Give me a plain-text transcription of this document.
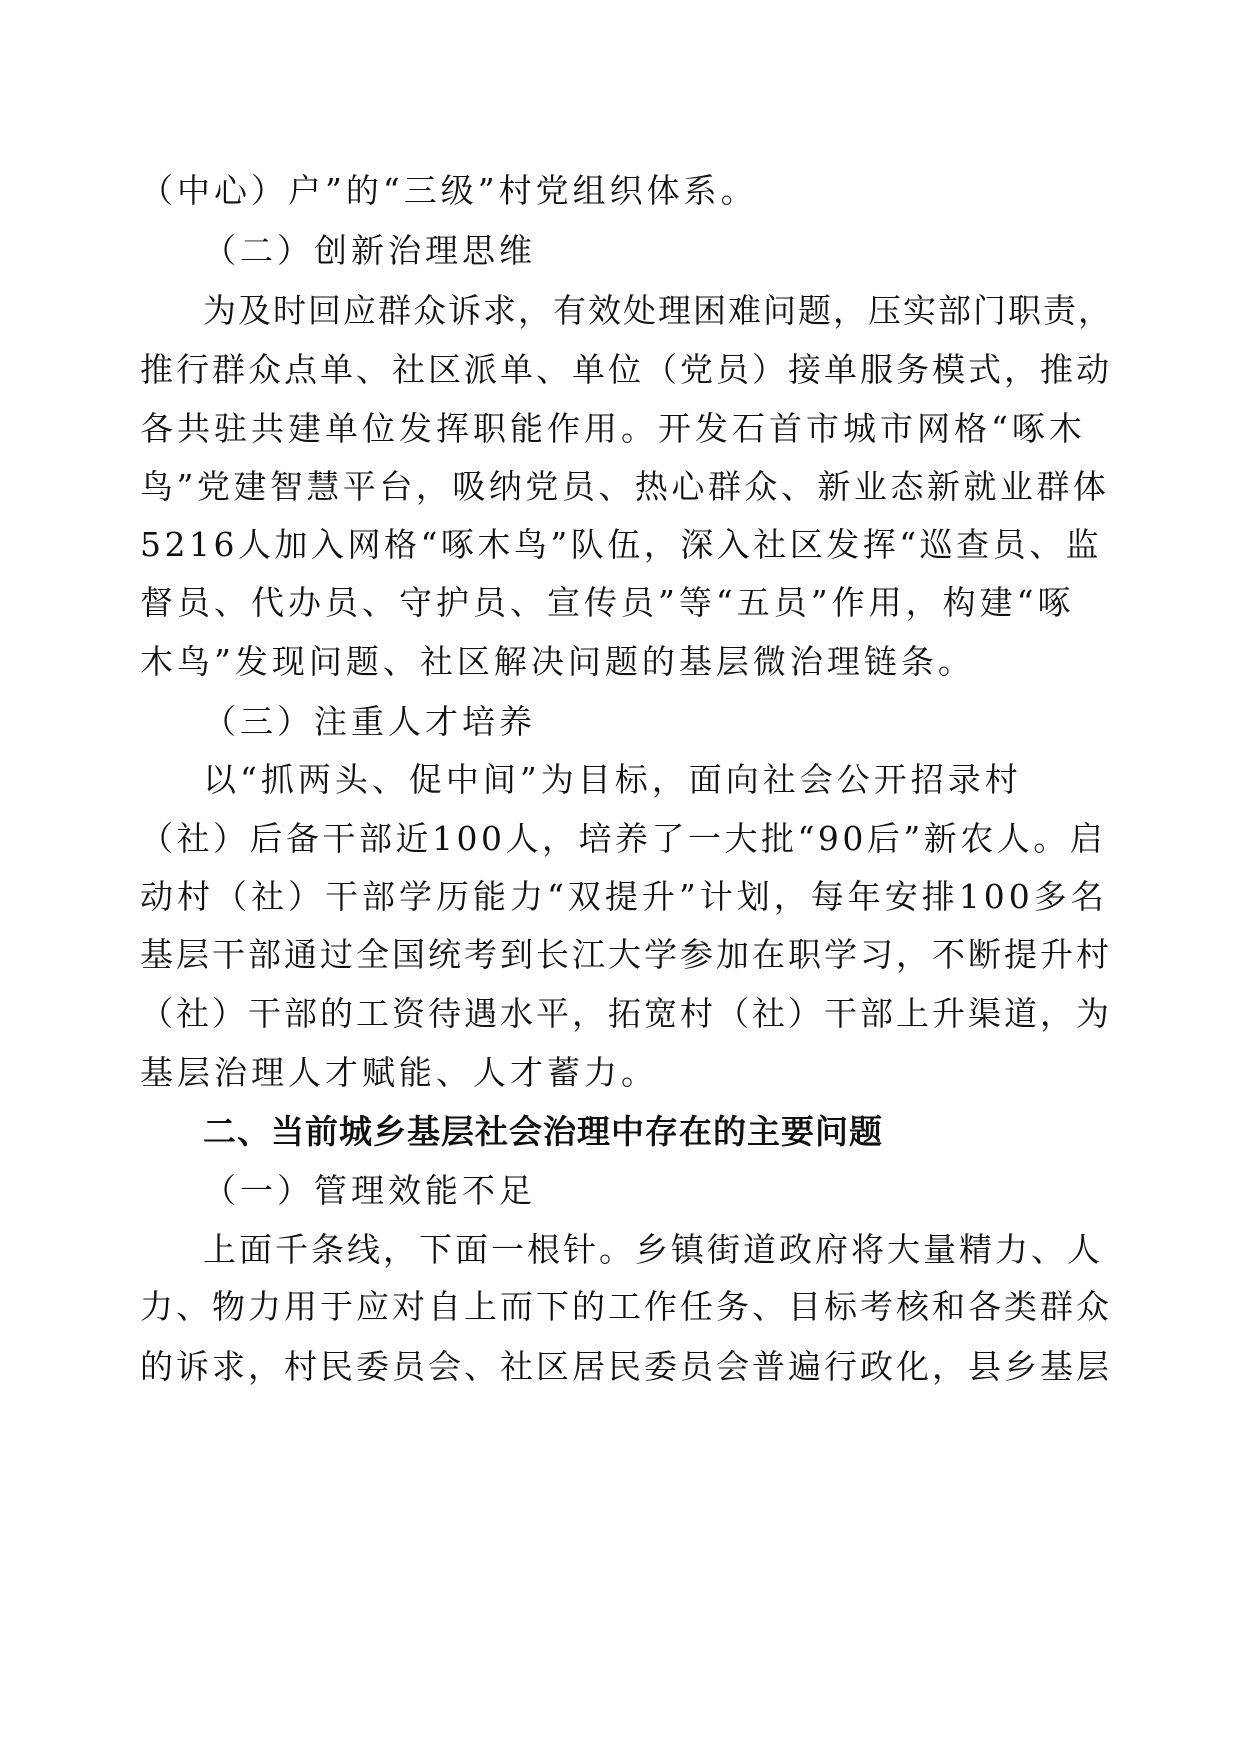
（中心）户”的“三级”村党组织体系。
（二）创新治理思维
为及时回应群众诉求，有效处理困难问题，压实部门职责，
推行群众点单、社区派单、单位（党员）接单服务模式，推动
各共驻共建单位发挥职能作用。开发石首市城市网格“啄木
鸟”党建智慧平台，吸纳党员、热心群众、新业态新就业群体
5216人加入网格“啄木鸟”队伍，深入社区发挥“巡查员、监
督员、代办员、守护员、宣传员”等“五员”作用，构建“啄
木鸟”发现问题、社区解决问题的基层微治理链条。
（三）注重人才培养
以“抓两头、促中间”为目标，面向社会公开招录村
（社）后备干部近100人，培养了一大批“90后”新农人。启
动村（社）干部学历能力“双提升”计划，每年安排100多名
基层干部通过全国统考到长江大学参加在职学习，不断提升村
（社）干部的工资待遇水平，拓宽村（社）干部上升渠道，为
基层治理人才赋能、人才蓄力。
二、当前城乡基层社会治理中存在的主要问题
（一）管理效能不足
上面千条线，下面一根针。乡镇街道政府将大量精力、人
力、物力用于应对自上而下的工作任务、目标考核和各类群众
的诉求，村民委员会、社区居民委员会普遍行政化，县乡基层
